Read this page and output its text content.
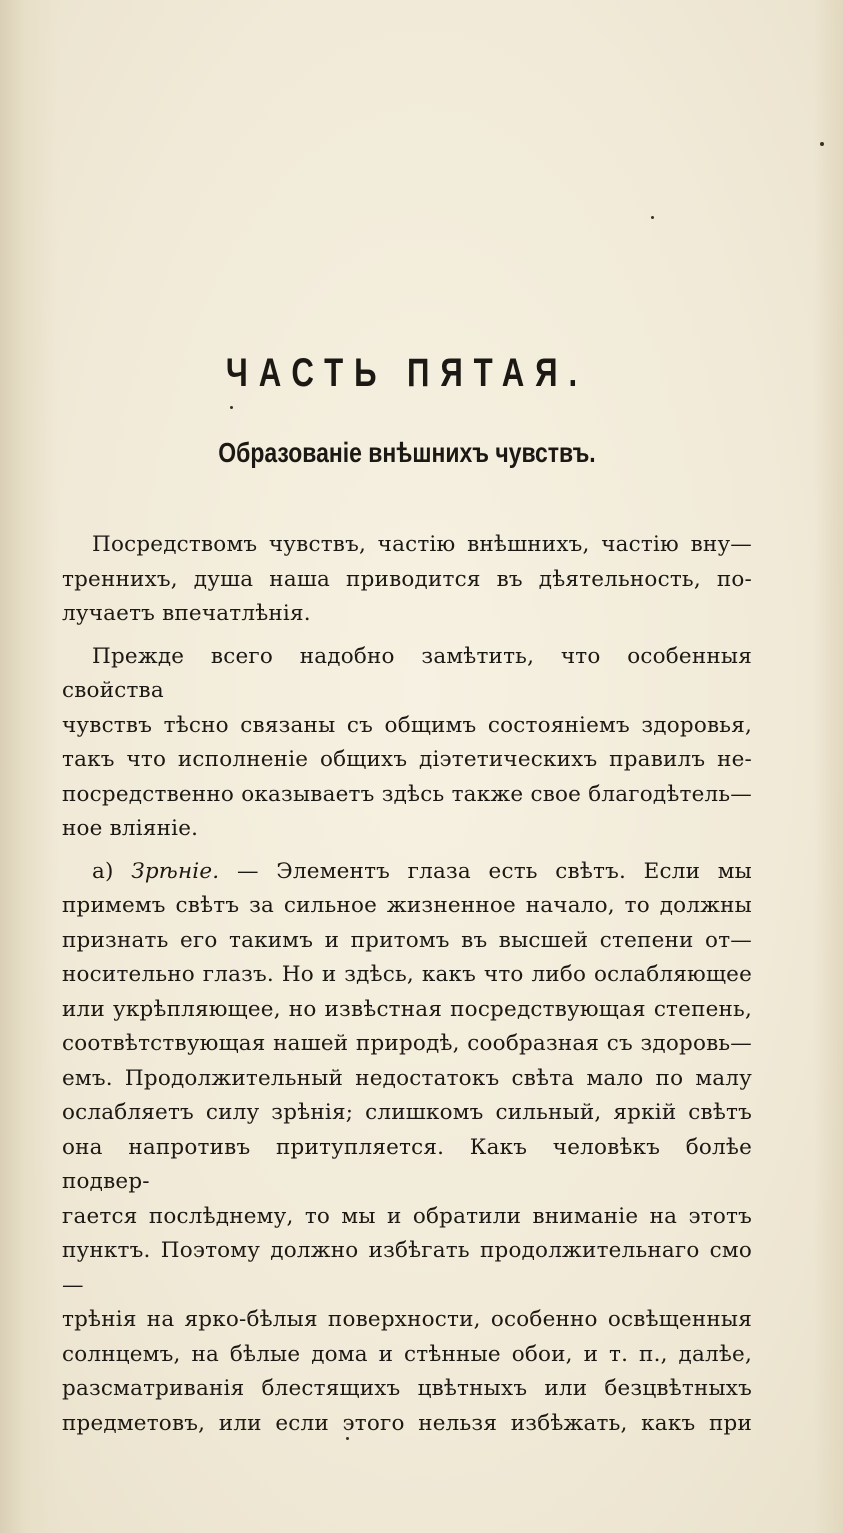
ЧАСТЬ ПЯТАЯ.
Образованіе внѣшнихъ чувствъ.

Посредствомъ чувствъ, частію внѣшнихъ, частію вну—

треннихъ, душа наша приводится въ дѣятельность, по-

лучаетъ впечатлѣнія.

Прежде всего надобно замѣтить, что особенныя свойства

чувствъ тѣсно связаны съ общимъ состояніемъ здоровья,

такъ что исполненіе общихъ діэтетическихъ правилъ не-

посредственно оказываетъ здѣсь также свое благодѣтель—

ное вліяніе.

а) Зрѣніе. — Элементъ глаза есть свѣтъ. Если мы

примемъ свѣтъ за сильное жизненное начало, то должны

признать его такимъ и притомъ въ высшей степени от—

носительно глазъ. Но и здѣсь, какъ что либо ослабляющее

или укрѣпляющее, но извѣстная посредствующая степень,

соотвѣтствующая нашей природѣ, сообразная съ здоровь—

емъ. Продолжительный недостатокъ свѣта мало по малу

ослабляетъ силу зрѣнія; слишкомъ сильный, яркій свѣтъ

она напротивъ притупляется. Какъ человѣкъ болѣе подвер-

гается послѣднему, то мы и обратили вниманіе на этотъ

пунктъ. Поэтому должно избѣгать продолжительнаго смо—

трѣнія на ярко-бѣлыя поверхности, особенно освѣщенныя

солнцемъ, на бѣлые дома и стѣнные обои, и т. п., далѣе,

разсматриванія блестящихъ цвѣтныхъ или безцвѣтныхъ

предметовъ, или если этого нельзя избѣжать, какъ при
